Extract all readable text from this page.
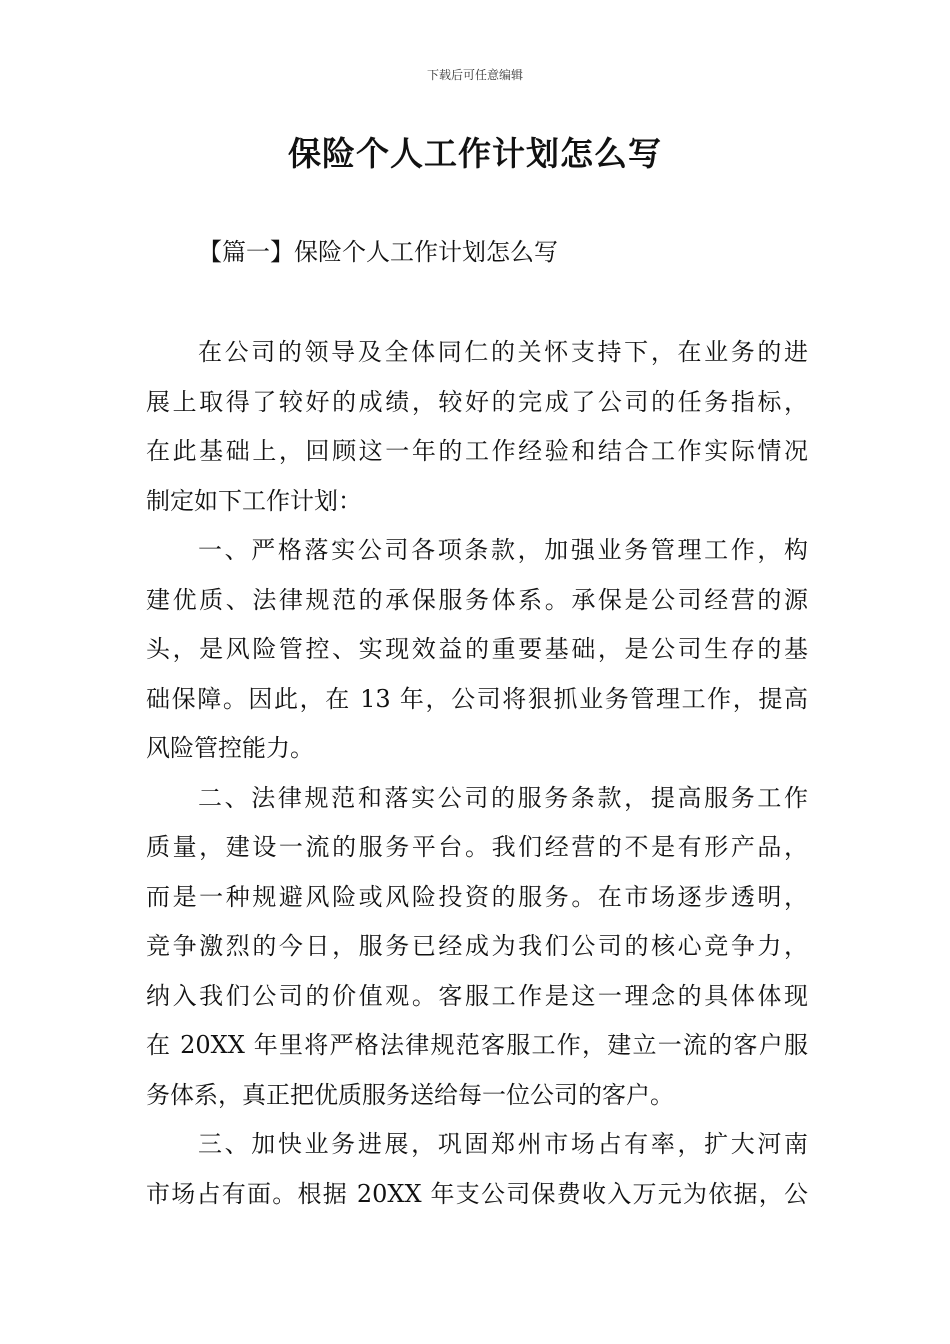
下载后可任意编辑
保险个人工作计划怎么写
【篇一】保险个人工作计划怎么写
在公司的领导及全体同仁的关怀支持下，在业务的进
展上取得了较好的成绩，较好的完成了公司的任务指标，
在此基础上，回顾这一年的工作经验和结合工作实际情况
制定如下工作计划：
一、严格落实公司各项条款，加强业务管理工作，构
建优质、法律规范的承保服务体系。承保是公司经营的源
头，是风险管控、实现效益的重要基础，是公司生存的基
础保障。因此，在 13 年，公司将狠抓业务管理工作，提高
风险管控能力。
二、法律规范和落实公司的服务条款，提高服务工作
质量，建设一流的服务平台。我们经营的不是有形产品，
而是一种规避风险或风险投资的服务。在市场逐步透明，
竞争激烈的今日，服务已经成为我们公司的核心竞争力，
纳入我们公司的价值观。客服工作是这一理念的具体体现
在 20XX 年里将严格法律规范客服工作，建立一流的客户服
务体系，真正把优质服务送给每一位公司的客户。
三、加快业务进展，巩固郑州市场占有率，扩大河南
市场占有面。根据 20XX 年支公司保费收入万元为依据，公
